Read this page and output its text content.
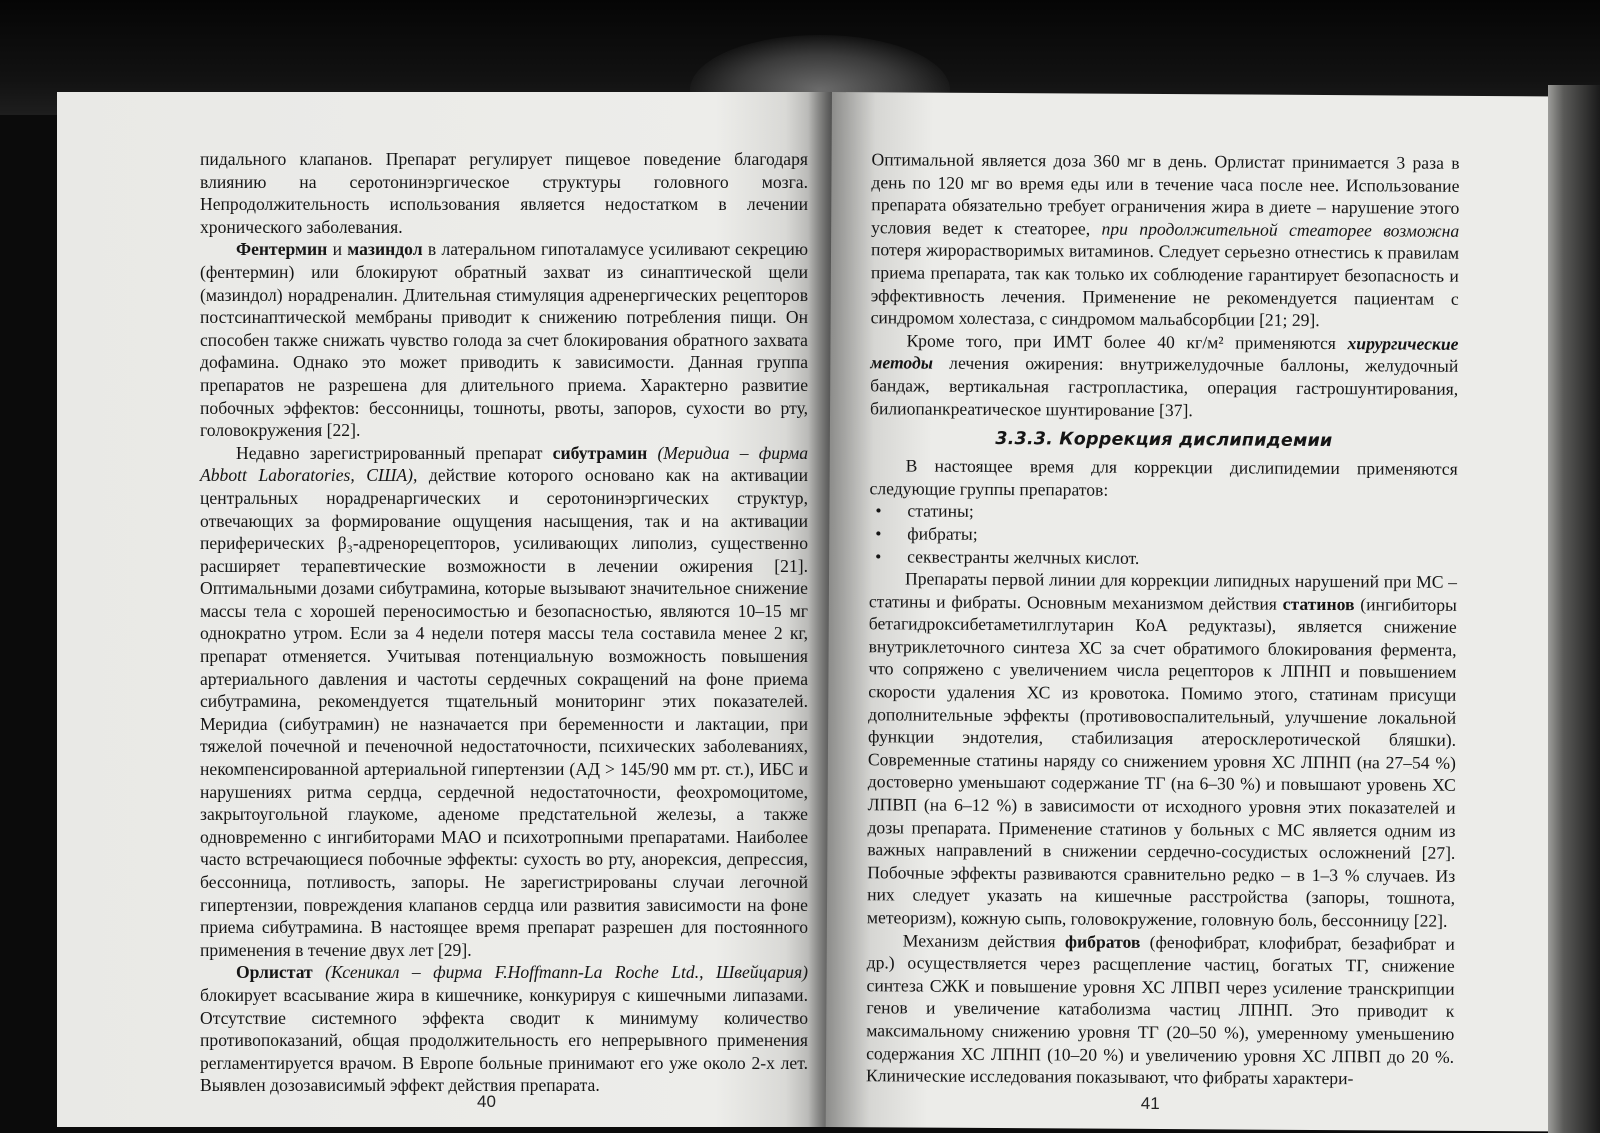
пидального клапанов. Препарат регулирует пищевое поведение благодаря влиянию на серотонинэргическое структуры головного мозга. Непродолжительность использования является недостатком в лечении хронического заболевания.

Фентермин и мазиндол в латеральном гипоталамусе усиливают секрецию (фентермин) или блокируют обратный захват из синаптической щели (мазиндол) норадреналин. Длительная стимуляция адренергических рецепторов постсинаптической мембраны приводит к снижению потребления пищи. Он способен также снижать чувство голода за счет блокирования обратного захвата дофамина. Однако это может приводить к зависимости. Данная группа препаратов не разрешена для длительного приема. Характерно развитие побочных эффектов: бессонницы, тошноты, рвоты, запоров, сухости во рту, головокружения [22].

Недавно зарегистрированный препарат сибутрамин (Меридиа – фирма Abbott Laboratories, США), действие которого основано как на активации центральных норадренаргических и серотонинэргических структур, отвечающих за формирование ощущения насыщения, так и на активации периферических β₃-адренорецепторов, усиливающих липолиз, существенно расширяет терапевтические возможности в лечении ожирения [21]. Оптимальными дозами сибутрамина, которые вызывают значительное снижение массы тела с хорошей переносимостью и безопасностью, являются 10–15 мг однократно утром. Если за 4 недели потеря массы тела составила менее 2 кг, препарат отменяется. Учитывая потенциальную возможность повышения артериального давления и частоты сердечных сокращений на фоне приема сибутрамина, рекомендуется тщательный мониторинг этих показателей. Меридиа (сибутрамин) не назначается при беременности и лактации, при тяжелой почечной и печеночной недостаточности, психических заболеваниях, некомпенсированной артериальной гипертензии (АД > 145/90 мм рт. ст.), ИБС и нарушениях ритма сердца, сердечной недостаточности, феохромоцитоме, закрытоугольной глаукоме, аденоме предстательной железы, а также одновременно с ингибиторами МАО и психотропными препаратами. Наиболее часто встречающиеся побочные эффекты: сухость во рту, анорексия, депрессия, бессонница, потливость, запоры. Не зарегистрированы случаи легочной гипертензии, повреждения клапанов сердца или развития зависимости на фоне приема сибутрамина. В настоящее время препарат разрешен для постоянного применения в течение двух лет [29].

Орлистат (Ксеникал – фирма F.Hoffmann-La Roche Ltd., Швейцария) блокирует всасывание жира в кишечнике, конкурируя с кишечными липазами. Отсутствие системного эффекта сводит к минимуму количество противопоказаний, общая продолжительность его непрерывного применения регламентируется врачом. В Европе больные принимают его уже около 2-х лет. Выявлен дозозависимый эффект действия препарата.

40

Оптимальной является доза 360 мг в день. Орлистат принимается 3 раза в день по 120 мг во время еды или в течение часа после нее. Использование препарата обязательно требует ограничения жира в диете – нарушение этого условия ведет к стеаторее, при продолжительной стеаторее возможна потеря жирорастворимых витаминов. Следует серьезно отнестись к правилам приема препарата, так как только их соблюдение гарантирует безопасность и эффективность лечения. Применение не рекомендуется пациентам с синдромом холестаза, с синдромом мальабсорбции [21; 29].

Кроме того, при ИМТ более 40 кг/м² применяются хирургические методы лечения ожирения: внутрижелудочные баллоны, желудочный бандаж, вертикальная гастропластика, операция гастрошунтирования, билиопанкреатическое шунтирование [37].

3.3.3. Коррекция дислипидемии

В настоящее время для коррекции дислипидемии применяются следующие группы препаратов:

• статины;
• фибраты;
• секвестранты желчных кислот.

Препараты первой линии для коррекции липидных нарушений при МС – статины и фибраты. Основным механизмом действия статинов (ингибиторы бетагидроксибетаметилглутарин КоА редуктазы), является снижение внутриклеточного синтеза ХС за счет обратимого блокирования фермента, что сопряжено с увеличением числа рецепторов к ЛПНП и повышением скорости удаления ХС из кровотока. Помимо этого, статинам присущи дополнительные эффекты (противовоспалительный, улучшение локальной функции эндотелия, стабилизация атеросклеротической бляшки). Современные статины наряду со снижением уровня ХС ЛПНП (на 27–54 %) достоверно уменьшают содержание ТГ (на 6–30 %) и повышают уровень ХС ЛПВП (на 6–12 %) в зависимости от исходного уровня этих показателей и дозы препарата. Применение статинов у больных с МС является одним из важных направлений в снижении сердечно-сосудистых осложнений [27]. Побочные эффекты развиваются сравнительно редко – в 1–3 % случаев. Из них следует указать на кишечные расстройства (запоры, тошнота, метеоризм), кожную сыпь, головокружение, головную боль, бессонницу [22].

Механизм действия фибратов (фенофибрат, клофибрат, безафибрат и др.) осуществляется через расщепление частиц, богатых ТГ, снижение синтеза СЖК и повышение уровня ХС ЛПВП через усиление транскрипции генов и увеличение катаболизма частиц ЛПНП. Это приводит к максимальному снижению уровня ТГ (20–50 %), умеренному уменьшению содержания ХС ЛПНП (10–20 %) и увеличению уровня ХС ЛПВП до 20 %. Клинические исследования показывают, что фибраты характери-

41
